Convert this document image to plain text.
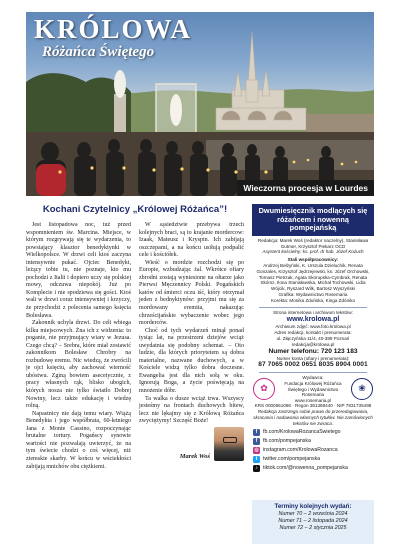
KRÓLOWA
Różańca Świętego
Wieczorna procesja w Lourdes
Kochani Czytelnicy „Królowej Różańca”!

Jest listopadowa noc, tuż przed wspomnieniem św. Marcina. Miejsce, w którym rozgrywają się te wydarzenia, to powstający klasztor benedyktynki w Wielkopolsce. W drzwi celi ktoś zaczyna intensywnie pukać. Ojciec Benedykt, leżący tobie tu, nie poznaje, kto mu pochodzi z Italii i dopiero uczy się polskiej mowy, odczuwa niepokój. Już po Komplecie i nie spodziewa się gości. Ktoś wali w drzwi coraz intensywniej i krzyczy, że przychodzi z polecenia samego księcia Bolesława.

Zakonnik uchyla drzwi. Do celi wbiega kilku miejscowych. Żna ich z widzenia: to poganie, nie przyjmujący wiary w Jezusa. Czego chcą? – Srebra, które miał zostawić zakonnikom Bolesław Chrobry na rozbudowę eremu. Nic wiedzą, że zwrócili je ojci księciu, aby zachować wierność ubóstwu. Zginą bowiem asecetycznie, z pracy własnych rąk, blisko ubogich, których nosza nie tylko światło Dobrej Nowiny, lecz także edukację i wiedzę rolną.

Napastnicy nie dają temu wiary. Wiążą Benedykta i jego współbrata, 60-letniego Jana z Monte Cassino, rozpoczynając brutalne tortury. Pogańscy synowie wartości nie pozwalają uwierzyć, że na tym świecie chodzi o coś więcej, niż ziemskie skarby. W końcu w wściekłości zabijają mnichów obu ciężkiemi.

W sąsiedztwie przebywa trzech kolejnych braci, są to krajanie mordercow: Izaak, Mateusz i Kryspin. Ich zabijają oszczepami, a na końcu usiłują podpalić cele i kościółek.

Wieść o mordzie rozchodzi się po Europie, wzbudzając żal. Wkrótce ofiary zbrodni zostają wyniesione na ołtarze jako Pierwsi Męczennicy Polski. Pogańskich katów od śmierci oczu iść, który otrzymał jeden z bednyktynów: przyjmi mu się za mordowany eremita, nakazując chrześcijańskie wybaczenie wobec jego morderców.

Choć od tych wydarzeń minął ponad tysiąc lat, na przestrzeni dziejów wciąż uwydatnia się podobny schemat. – Oto ludzie, dla których priorytetem są dobra materialne, nazwane duchowych, a w Kościele widzą tylko dobra doczesne. Ewangelia jest dla nich sołą w oku. Ignorują Boga, a życie poświęcają na mnożenie dóbr.

Ta walka o dusze wciąż trwa. Wszyscy jesteśmy na frontach duchowych bitew, lecz nie lękajmy się z Królową Różańca zwyciężymy! Szczęść Boże!

Marek Woś
Dwumiesięcznik modlących się różańcem i nowenną pompejańską
Redakcja: Marek Woś (redaktor naczelny), Stanisława Gutmer, Krzysztof Piekarz OCD
Asystent kościelny: ks. prof. dr hab. Józef Kożuch
Stali współpracownicy:
Andrzej Bełżyński, K. Urszula Dzieluchik, Renata Gonzales, Krzysztof Jędrzejewski, ks. Józef Orchowski, Tomasz Pietrzak, Agata Skorupska-Cymbrak, Renata Skórsz, Ilona Stanisławska, Michał Tochowski, Lidia Wójcik, Ryszard Wilk, Bartosz Wyszyński
Grafika: Wydawnictwo Rosemaria
Korekta: Monika Zduńska, Kinga Zdóniko
Strona internetowa i archiwum tekstów:
www.krolowa.pl
Archiwum zdjęć: www.foto.krolowa.pl
Adres redakcji, kontakt i prenumerata:
ul. Złączyńska 11/4, 40-389 Poznań
redakcja@krolowa.pl
Numer telefonu: 720 123 183
Numer konta (ofiary i prenumerata):
87 7065 0002 0651 8035 8904 0001
✿
Wydawca:
Fundacja Królowej Różańca Świętego i Wydawnictwo Rosemaria
www.rosemaria.pl
❀
KRS 0000561086 · Regon 361388440 · NIP 7831735498
Redakcja zastrzega sobie prawo do przeredagowania, skracania i nadawania własnych tytułów. Nie zamówionych tekstów nie zwraca.
f	fb.com/KrolowaRozancaSwietego
f	fb.com/pompejanska
◎ instagram.com/KrolowaRozanca
t	twitter.com/pompejanska
♪	tiktok.com/@nowenna_pompejanska
Terminy kolejnych wydań:
Numer 70 – 2 września 2024
Numer 71 – 2 listopada 2024
Numer 72 – 2 stycznia 2025
